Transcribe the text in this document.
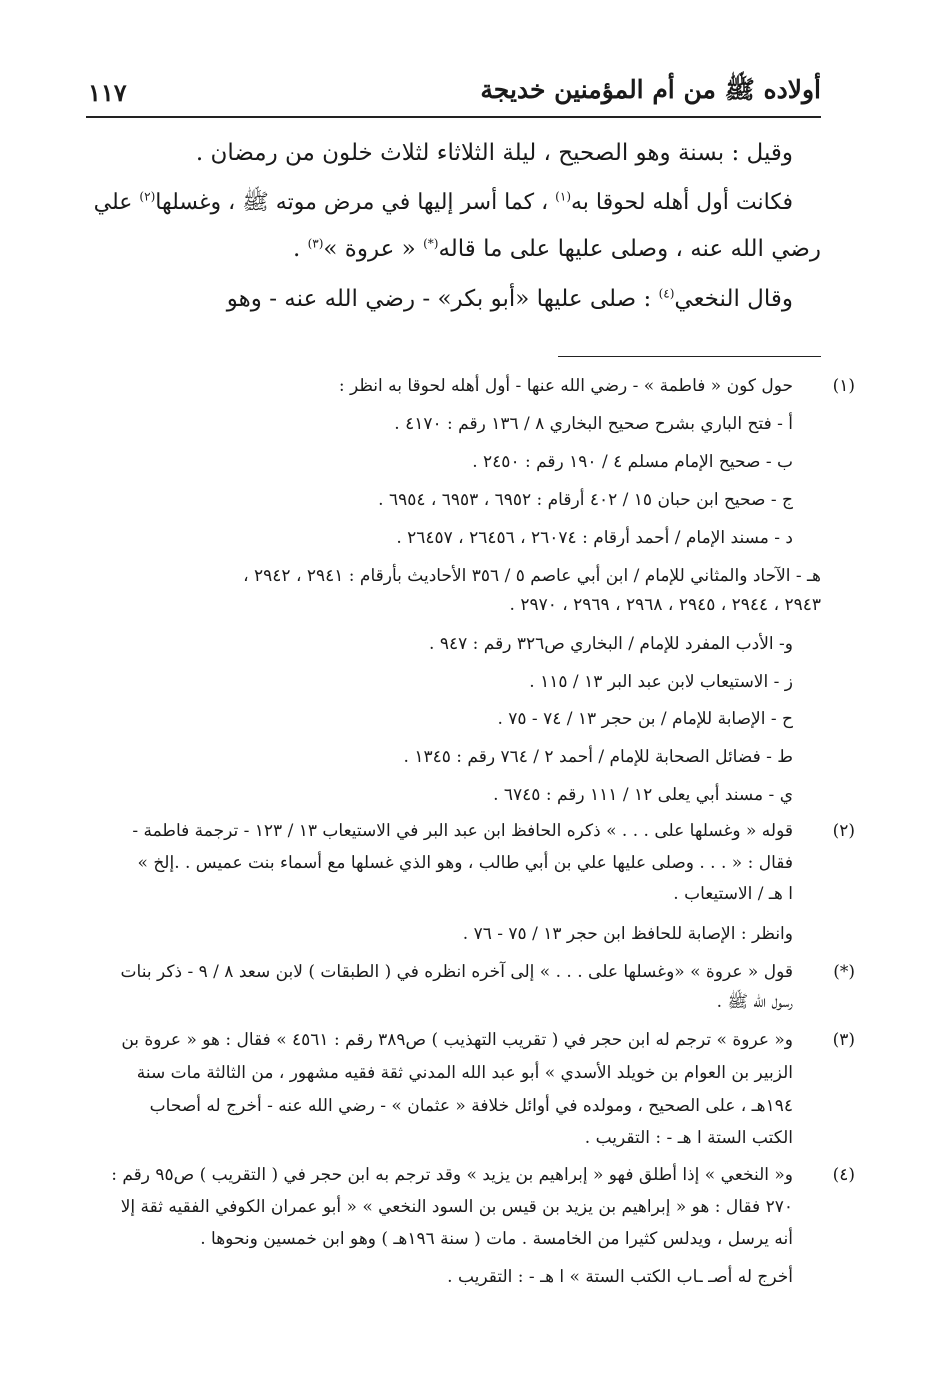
أولاده ﷺ من أم المؤمنين خديجة
١١٧
وقيل : بسنة وهو الصحيح ، ليلة الثلاثاء لثلاث خلون من رمضان .
فكانت أول أهله لحوقا به$^{(١)}$ ، كما أسر إليها في مرض موته ﷺ ، وغسلها$^{(٢)}$ علي
رضي الله عنه ، وصلى عليها على ما قاله(*) « عروة »$^{(٣)}$ .
وقال النخعي$^{(٤)}$ : صلى عليها «أبو بكر» - رضي الله عنه - وهو
(١)
حول كون « فاطمة » - رضي الله عنها - أول أهله لحوقا به انظر :
أ - فتح الباري بشرح صحيح البخاري ٨ / ١٣٦ رقم : ٤١٧٠ .
ب - صحيح الإمام مسلم ٤ / ١٩٠ رقم : ٢٤٥٠ .
ج - صحيح ابن حبان ١٥ / ٤٠٢ أرقام : ٦٩٥٢ ، ٦٩٥٣ ، ٦٩٥٤ .
د - مسند الإمام / أحمد أرقام : ٢٦٠٧٤ ، ٢٦٤٥٦ ، ٢٦٤٥٧ .
هـ - الآحاد والمثاني للإمام / ابن أبي عاصم ٥ / ٣٥٦ الأحاديث بأرقام : ٢٩٤١ ، ٢٩٤٢ ،
٢٩٤٣ ، ٢٩٤٤ ، ٢٩٤٥ ، ٢٩٦٨ ، ٢٩٦٩ ، ٢٩٧٠ .
و- الأدب المفرد للإمام / البخاري ص٣٢٦ رقم : ٩٤٧ .
ز - الاستيعاب لابن عبد البر ١٣ / ١١٥ .
ح - الإصابة للإمام / بن حجر ١٣ / ٧٤ - ٧٥ .
ط - فضائل الصحابة للإمام / أحمد ٢ / ٧٦٤ رقم : ١٣٤٥ .
ي - مسند أبي يعلى ١٢ / ١١١ رقم : ٦٧٤٥ .
(٢)
قوله « وغسلها على . . . » ذكره الحافظ ابن عبد البر في الاستيعاب ١٣ / ١٢٣ - ترجمة فاطمة -
فقال : « . . . وصلى عليها علي بن أبي طالب ، وهو الذي غسلها مع أسماء بنت عميس . .إلخ »
ا هـ / الاستيعاب .
وانظر : الإصابة للحافظ ابن حجر ١٣ / ٧٥ - ٧٦ .
(*)
قول « عروة » «وغسلها على . . . » إلى آخره انظره في ( الطبقات ) لابن سعد ٨ / ٩ - ذكر بنات
رسول الله ﷺ .
(٣)
و« عروة » ترجم له ابن حجر في ( تقريب التهذيب ) ص٣٨٩ رقم : ٤٥٦١ » فقال : هو « عروة بن
الزبير بن العوام بن خويلد الأسدي » أبو عبد الله المدني ثقة فقيه مشهور ، من الثالثة مات سنة
١٩٤هـ ، على الصحيح ، ومولده في أوائل خلافة « عثمان » - رضي الله عنه - أخرج له أصحاب
الكتب الستة ا هـ - : التقريب .
(٤)
و« النخعي » إذا أطلق فهو « إبراهيم بن يزيد » وقد ترجم به ابن حجر في ( التقريب ) ص٩٥ رقم :
٢٧٠ فقال : هو « إبراهيم بن يزيد بن قيس بن السود النخعي » « أبو عمران الكوفي الفقيه ثقة إلا
أنه يرسل ، ويدلس كثيرا من الخامسة . مات ( سنة ١٩٦هـ ) وهو ابن خمسين ونحوها .
أخرج له أصـ ـاب الكتب الستة » ا هـ - : التقريب .
